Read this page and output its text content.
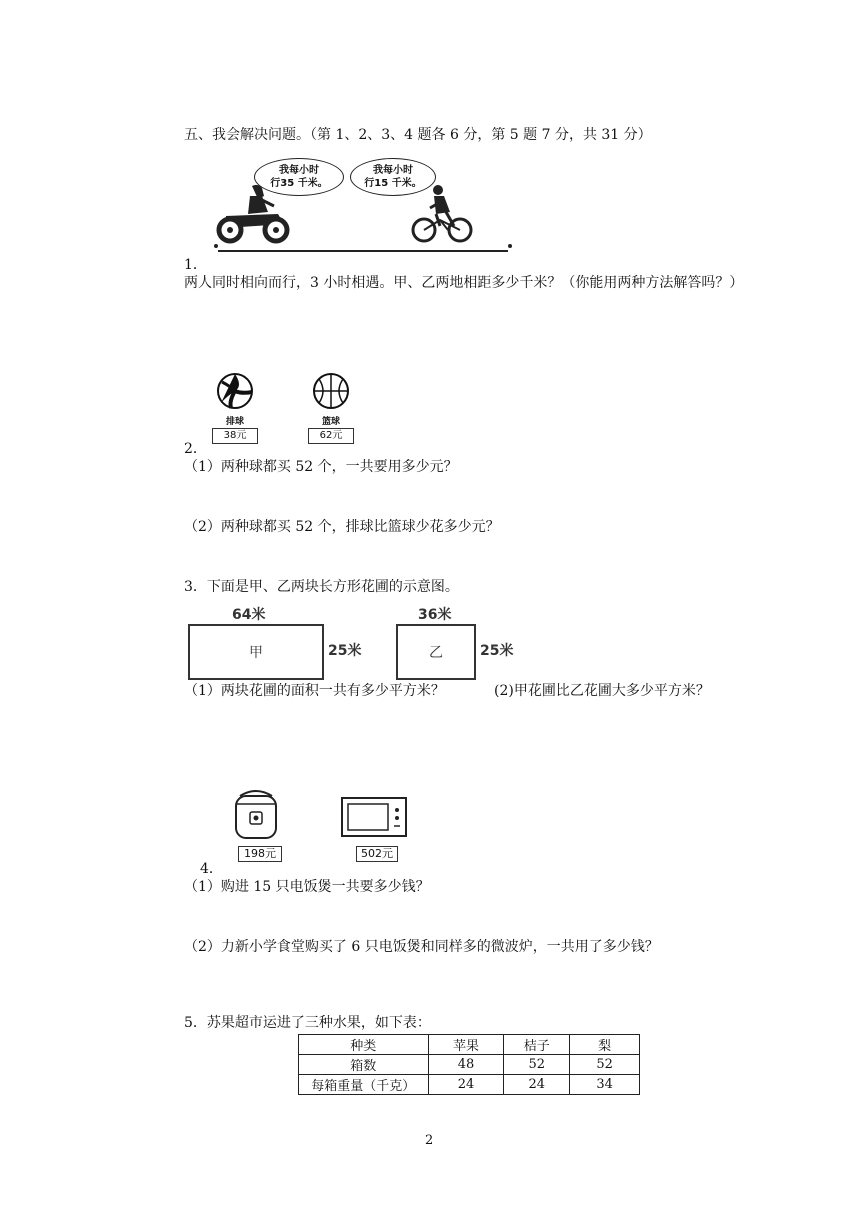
五、我会解决问题。（第 1、2、3、4 题各 6 分，第 5 题 7 分，共 31 分）
我每小时
行35 千米。
我每小时
行15 千米。
1．
两人同时相向而行，3 小时相遇。甲、乙两地相距多少千米？（你能用两种方法解答吗？）
排球
38元
篮球
62元
2．
（1）两种球都买 52 个，一共要用多少元？
（2）两种球都买 52 个，排球比篮球少花多少元？
3．下面是甲、乙两块长方形花圃的示意图。
64米
甲	25米
36米
乙	25米
（1）两块花圃的面积一共有多少平方米？	(2)甲花圃比乙花圃大多少平方米？
198元	502元
4．
（1）购进 15 只电饭煲一共要多少钱？
（2）力新小学食堂购买了 6 只电饭煲和同样多的微波炉，一共用了多少钱？
5．苏果超市运进了三种水果，如下表：
种类	苹果	桔子	梨
箱数	48	52	52
每箱重量（千克）	24	24	34
2
